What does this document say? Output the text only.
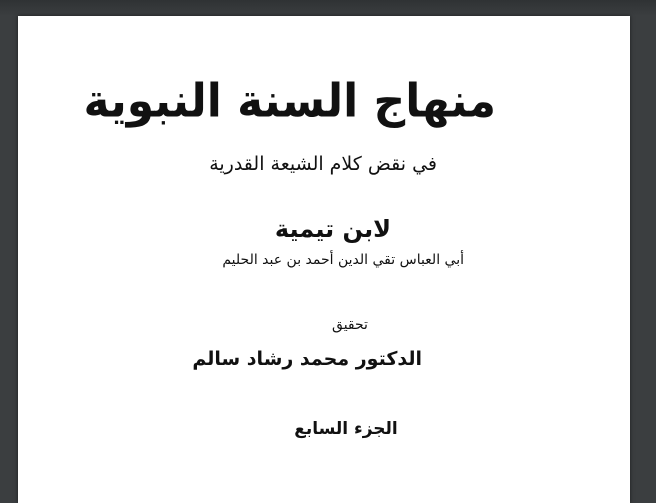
منهاج السنة النبوية
في نقض كلام الشيعة القدرية
لابن تيمية
أبي العباس تقي الدين أحمد بن عبد الحليم
تحقيق
الدكتور محمد رشاد سالم
الجزء السابع
